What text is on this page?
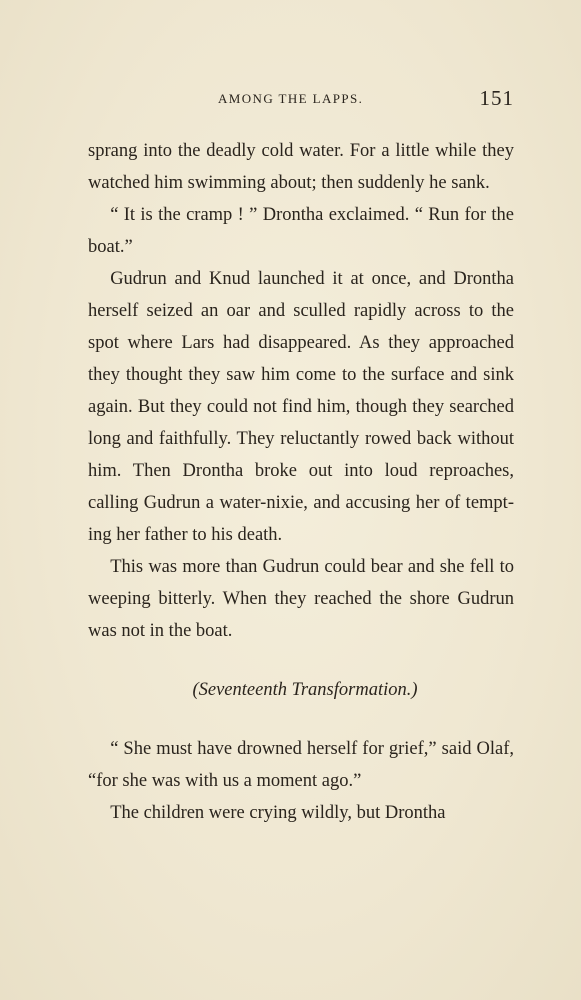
AMONG THE LAPPS.	151

sprang into the deadly cold water. For a little while they watched him swimming about; then suddenly he sank.

“ It is the cramp ! ” Drontha exclaimed. “ Run for the boat.”

Gudrun and Knud launched it at once, and Drontha herself seized an oar and sculled rapidly across to the spot where Lars had disappeared. As they approached they thought they saw him come to the surface and sink again. But they could not find him, though they searched long and faithfully. They reluctantly rowed back without him. Then Drontha broke out into loud reproaches, calling Gudrun a water-nixie, and accusing her of tempting her father to his death.

This was more than Gudrun could bear and she fell to weeping bitterly. When they reached the shore Gudrun was not in the boat.

(Seventeenth Transformation.)

“ She must have drowned herself for grief,” said Olaf, “for she was with us a moment ago.”

The children were crying wildly, but Drontha
